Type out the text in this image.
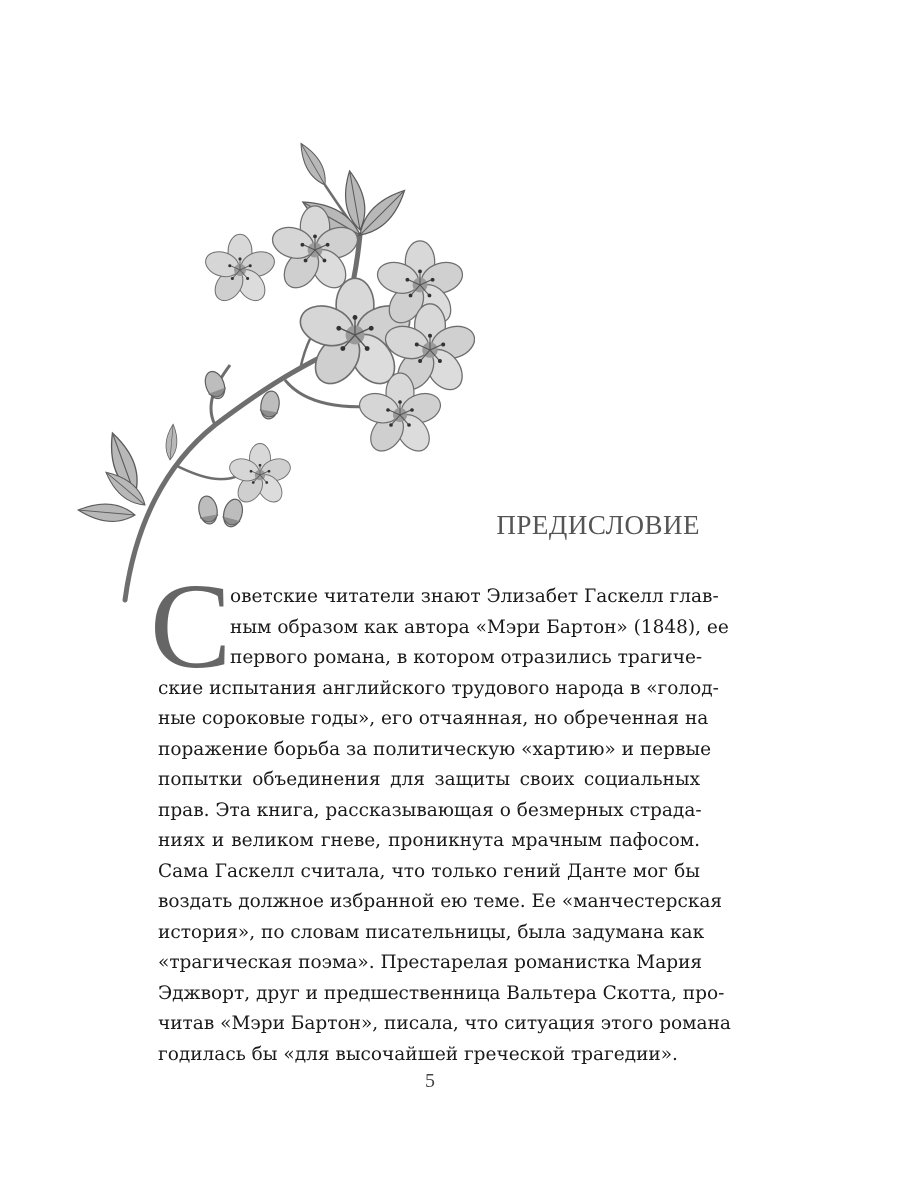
ПРЕДИСЛОВИЕ
С
оветские читатели знают Элизабет Гаскелл глав-
ным образом как автора «Мэри Бартон» (1848), ее
первого романа, в котором отразились трагиче-
ские испытания английского трудового народа в «голод-
ные сороковые годы», его отчаянная, но обреченная на
поражение борьба за политическую «хартию» и первые
попытки объединения для защиты своих социальных
прав. Эта книга, рассказывающая о безмерных страда-
ниях и великом гневе, проникнута мрачным пафосом.
Сама Гаскелл считала, что только гений Данте мог бы
воздать должное избранной ею теме. Ее «манчестерская
история», по словам писательницы, была задумана как
«трагическая поэма». Престарелая романистка Мария
Эджворт, друг и предшественница Вальтера Скотта, про-
читав «Мэри Бартон», писала, что ситуация этого романа
годилась бы «для высочайшей греческой трагедии».
5
